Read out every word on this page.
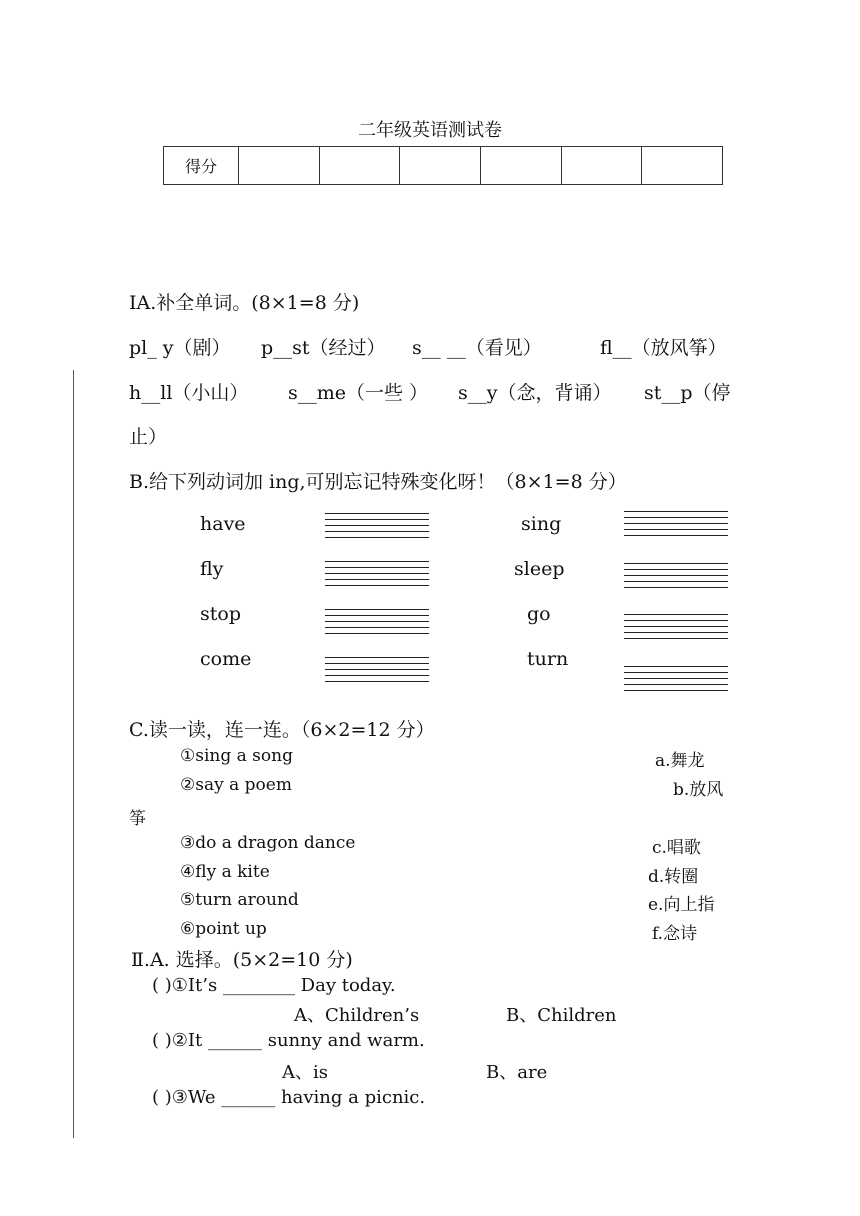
二年级英语测试卷
得分						
ⅠA.补全单词。(8×1=8 分)
pl_ y（剧） p__st（经过） s__ __（看见）	fl__（放风筝）
h__ll（小山） s__me（一些 ） s__y（念，背诵） st__p（停
止）
B.给下列动词加 ing,可别忘记特殊变化呀！（8×1=8 分）
have
fly
stop
come
sing
sleep
go
turn
C.读一读，连一连。（6×2=12 分）
①sing a song
②say a poem
③do a dragon dance
④fly a kite
⑤turn around
⑥point up
a.舞龙
b.放风
筝
c.唱歌
d.转圈
e.向上指
f.念诗
Ⅱ.A. 选择。(5×2=10 分)
( )①It’s ________ Day today.
A、Children’s	B、Children
( )②It ______ sunny and warm.
A、is	B、are
( )③We ______ having a picnic.
